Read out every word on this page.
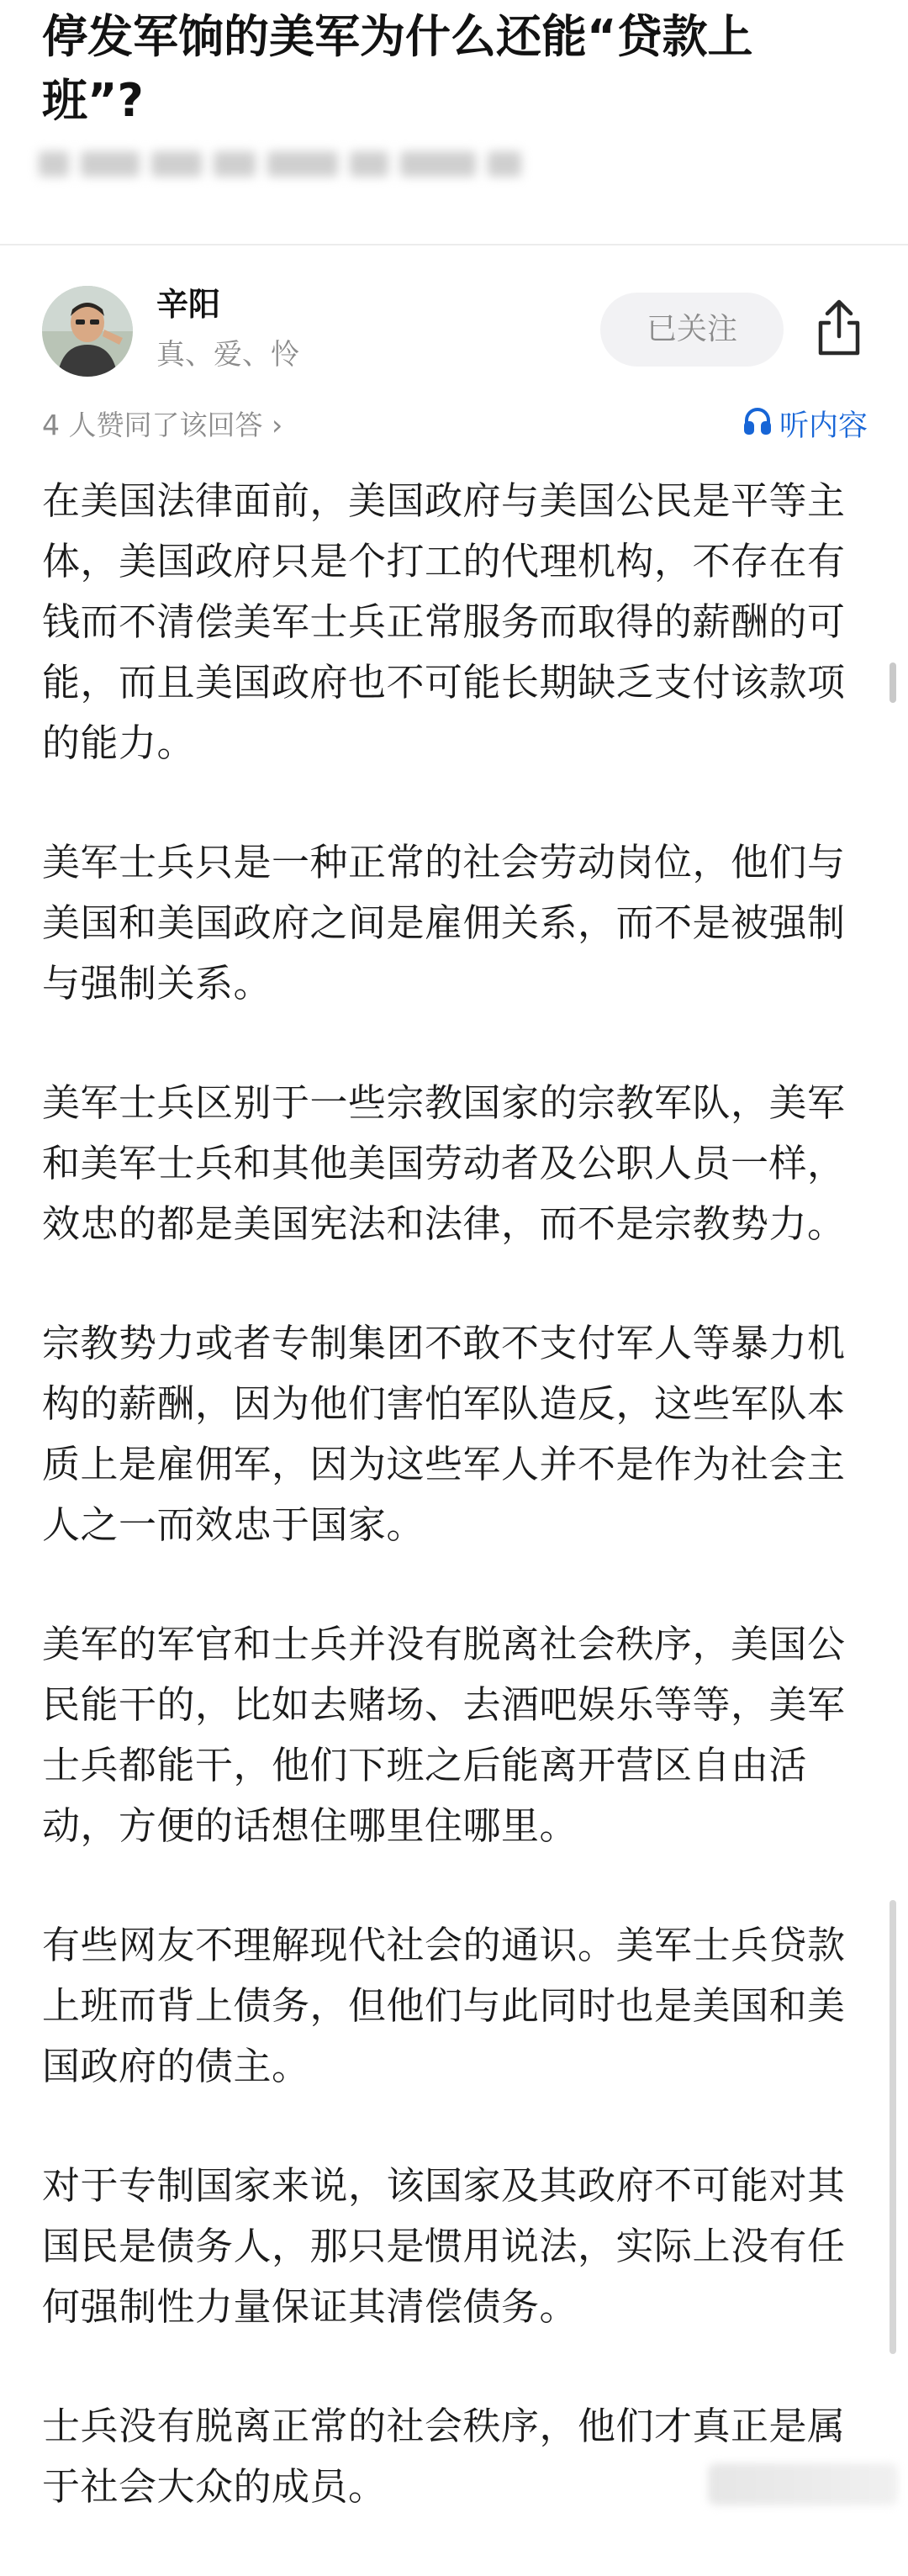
停发军饷的美军为什么还能“贷款上班”?
辛阳
真、爱、怜
已关注
4 人赞同了该回答 ›	听内容

在美国法律面前，美国政府与美国公民是平等主体，美国政府只是个打工的代理机构，不存在有钱而不清偿美军士兵正常服务而取得的薪酬的可能，而且美国政府也不可能长期缺乏支付该款项的能力。

美军士兵只是一种正常的社会劳动岗位，他们与美国和美国政府之间是雇佣关系，而不是被强制与强制关系。

美军士兵区别于一些宗教国家的宗教军队，美军和美军士兵和其他美国劳动者及公职人员一样，效忠的都是美国宪法和法律，而不是宗教势力。

宗教势力或者专制集团不敢不支付军人等暴力机构的薪酬，因为他们害怕军队造反，这些军队本质上是雇佣军，因为这些军人并不是作为社会主人之一而效忠于国家。

美军的军官和士兵并没有脱离社会秩序，美国公民能干的，比如去赌场、去酒吧娱乐等等，美军士兵都能干，他们下班之后能离开营区自由活动，方便的话想住哪里住哪里。

有些网友不理解现代社会的通识。美军士兵贷款上班而背上债务，但他们与此同时也是美国和美国政府的债主。

对于专制国家来说，该国家及其政府不可能对其国民是债务人，那只是惯用说法，实际上没有任何强制性力量保证其清偿债务。

士兵没有脱离正常的社会秩序，他们才真正是属于社会大众的成员。
